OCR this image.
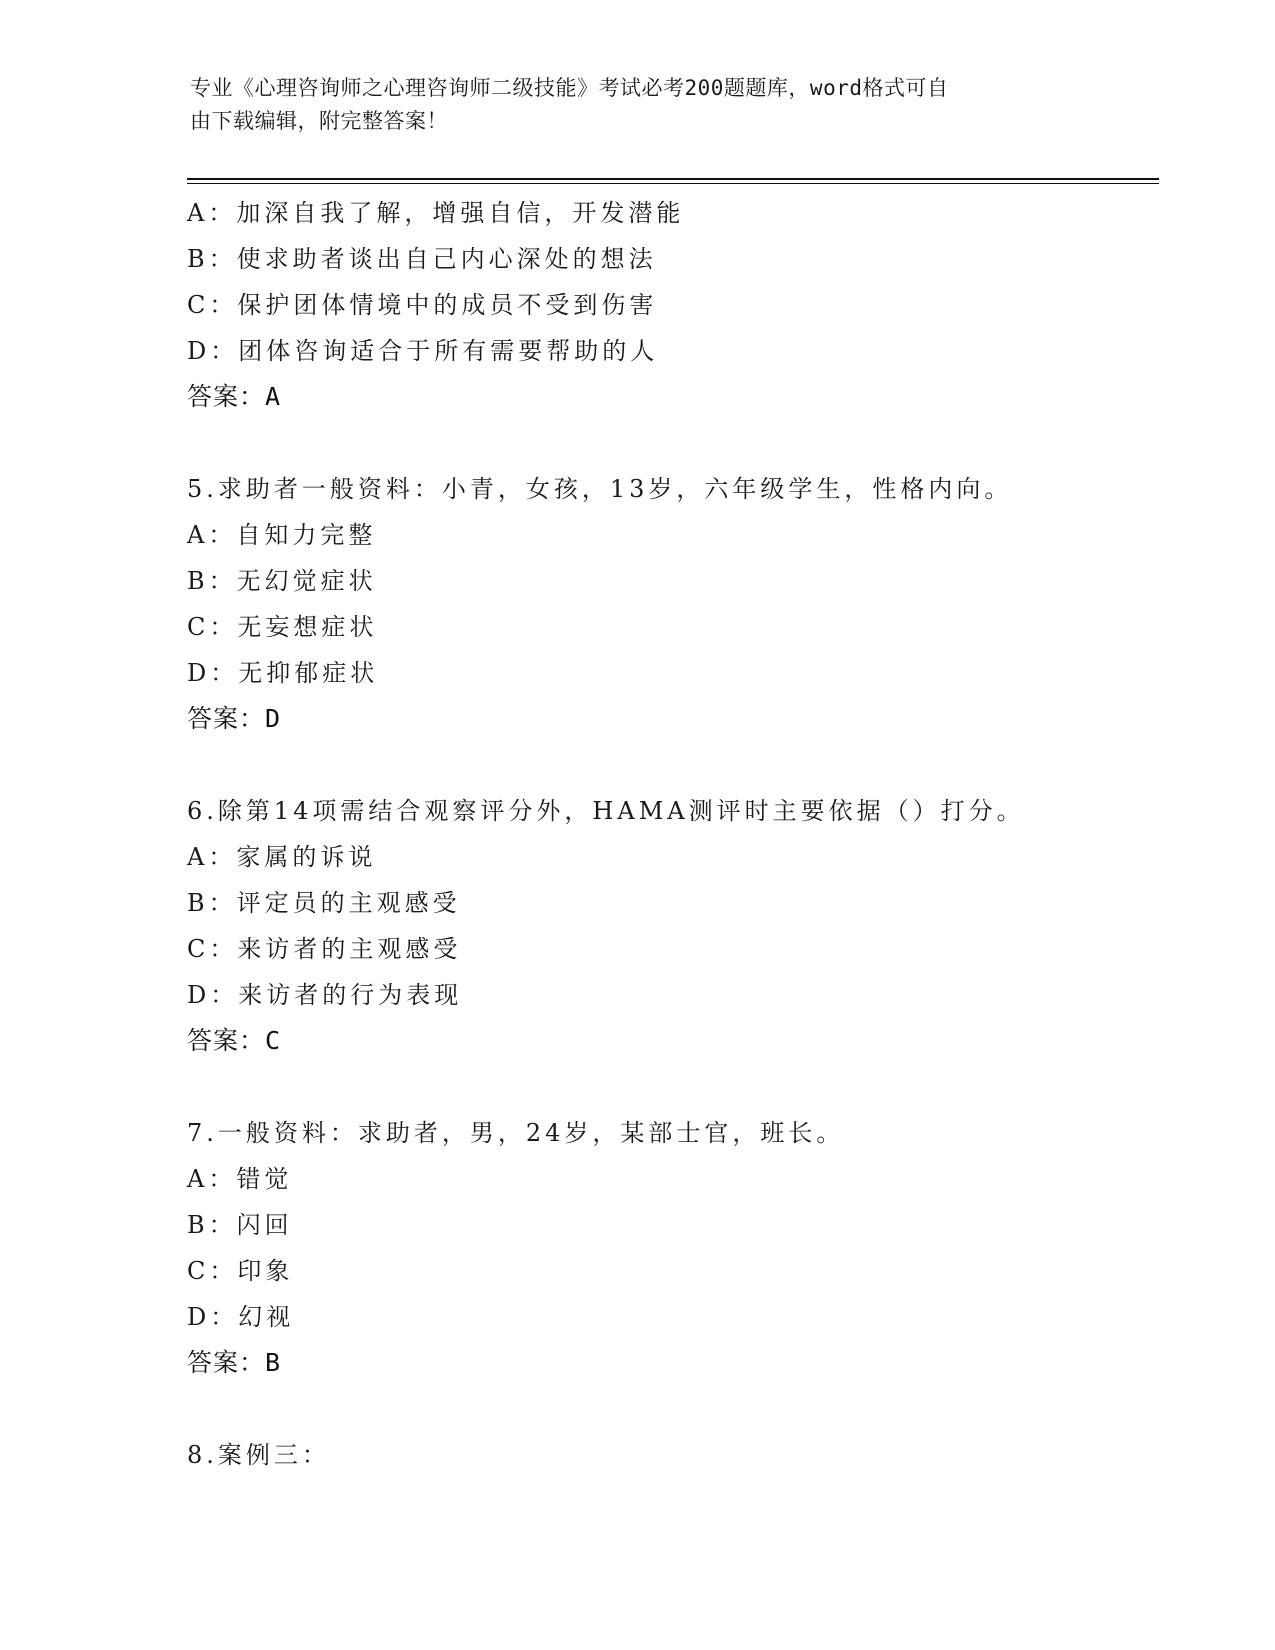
专业《心理咨询师之心理咨询师二级技能》考试必考200题题库，word格式可自
由下载编辑，附完整答案！
A：加深自我了解，增强自信，开发潜能
B：使求助者谈出自己内心深处的想法
C：保护团体情境中的成员不受到伤害
D：团体咨询适合于所有需要帮助的人
答案：A
5.求助者一般资料：小青，女孩，13岁，六年级学生，性格内向。
A：自知力完整
B：无幻觉症状
C：无妄想症状
D：无抑郁症状
答案：D
6.除第14项需结合观察评分外，HAMA测评时主要依据（）打分。
A：家属的诉说
B：评定员的主观感受
C：来访者的主观感受
D：来访者的行为表现
答案：C
7.一般资料：求助者，男，24岁，某部士官，班长。
A：错觉
B：闪回
C：印象
D：幻视
答案：B
8.案例三：
